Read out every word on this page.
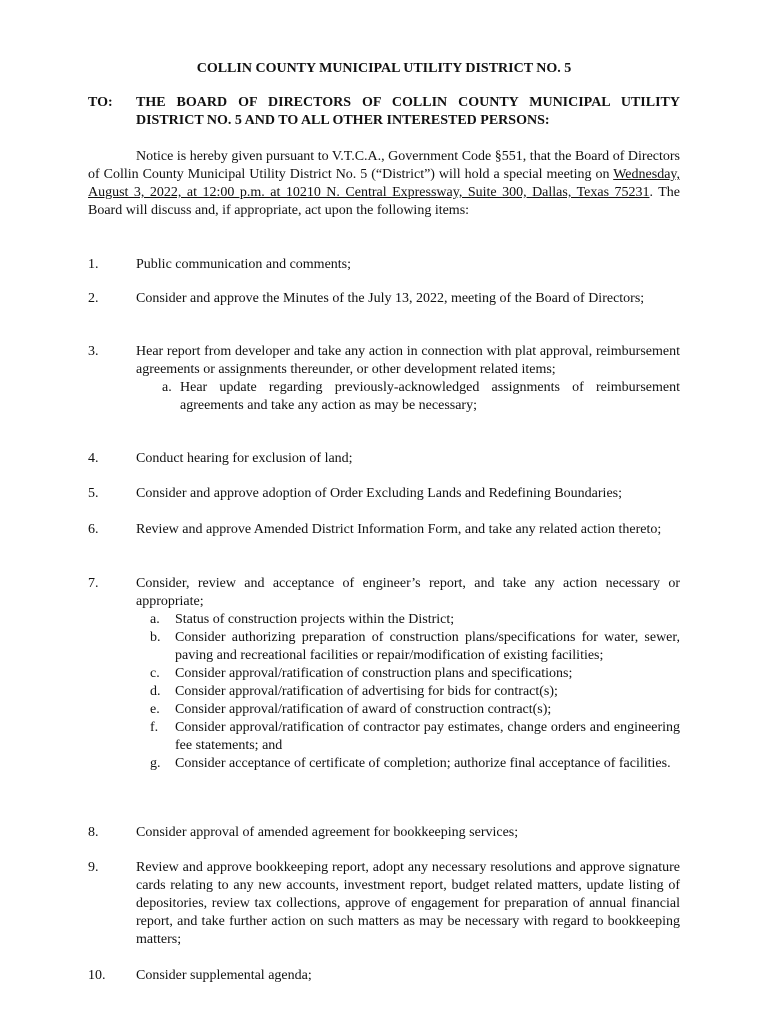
COLLIN COUNTY MUNICIPAL UTILITY DISTRICT NO. 5
TO: THE BOARD OF DIRECTORS OF COLLIN COUNTY MUNICIPAL UTILITY DISTRICT NO. 5 AND TO ALL OTHER INTERESTED PERSONS:
Notice is hereby given pursuant to V.T.C.A., Government Code §551, that the Board of Directors of Collin County Municipal Utility District No. 5 (“District”) will hold a special meeting on Wednesday, August 3, 2022, at 12:00 p.m. at 10210 N. Central Expressway, Suite 300, Dallas, Texas 75231. The Board will discuss and, if appropriate, act upon the following items:
1.	Public communication and comments;
2.	Consider and approve the Minutes of the July 13, 2022, meeting of the Board of Directors;
3.	Hear report from developer and take any action in connection with plat approval, reimbursement agreements or assignments thereunder, or other development related items;
a. Hear update regarding previously-acknowledged assignments of reimbursement agreements and take any action as may be necessary;
4.	Conduct hearing for exclusion of land;
5.	Consider and approve adoption of Order Excluding Lands and Redefining Boundaries;
6.	Review and approve Amended District Information Form, and take any related action thereto;
7.	Consider, review and acceptance of engineer’s report, and take any action necessary or appropriate;
a. Status of construction projects within the District;
b. Consider authorizing preparation of construction plans/specifications for water, sewer, paving and recreational facilities or repair/modification of existing facilities;
c. Consider approval/ratification of construction plans and specifications;
d. Consider approval/ratification of advertising for bids for contract(s);
e. Consider approval/ratification of award of construction contract(s);
f. Consider approval/ratification of contractor pay estimates, change orders and engineering fee statements; and
g. Consider acceptance of certificate of completion; authorize final acceptance of facilities.
8.	Consider approval of amended agreement for bookkeeping services;
9.	Review and approve bookkeeping report, adopt any necessary resolutions and approve signature cards relating to any new accounts, investment report, budget related matters, update listing of depositories, review tax collections, approve of engagement for preparation of annual financial report, and take further action on such matters as may be necessary with regard to bookkeeping matters;
10. Consider supplemental agenda;
